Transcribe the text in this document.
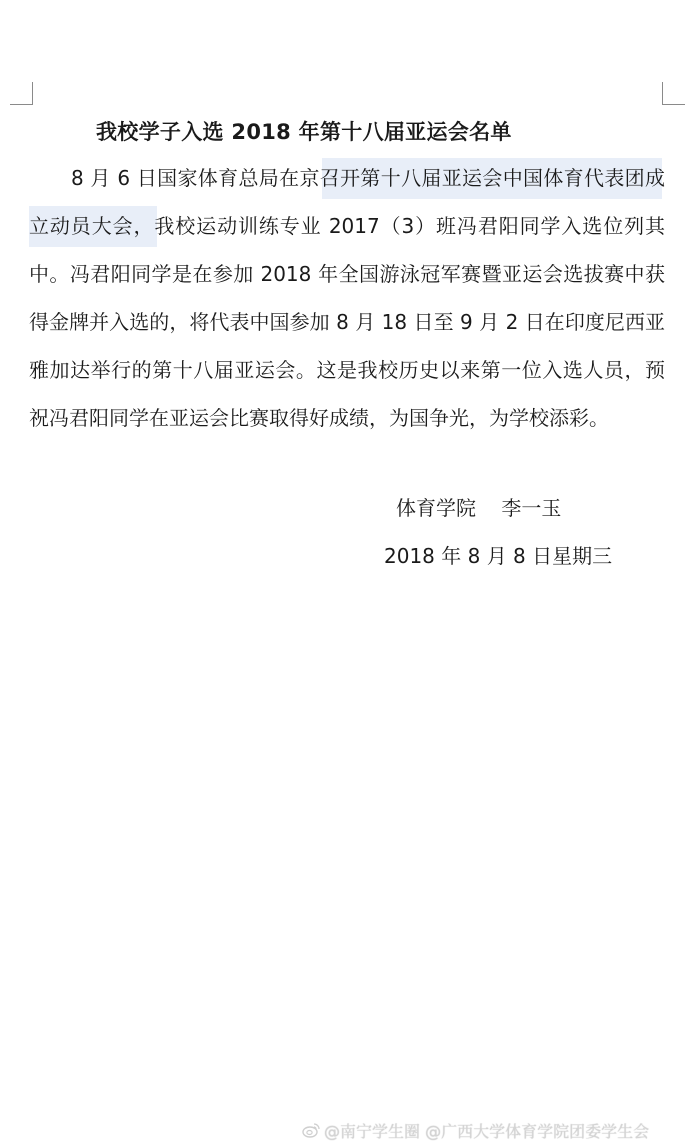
我校学子入选 2018 年第十八届亚运会名单
8 月 6 日国家体育总局在京召开第十八届亚运会中国体育代表团成立动员大会，我校运动训练专业 2017（3）班冯君阳同学入选位列其中。冯君阳同学是在参加 2018 年全国游泳冠军赛暨亚运会选拔赛中获得金牌并入选的，将代表中国参加 8 月 18 日至 9 月 2 日在印度尼西亚雅加达举行的第十八届亚运会。这是我校历史以来第一位入选人员，预祝冯君阳同学在亚运会比赛取得好成绩，为国争光，为学校添彩。
体育学院    李一玉
2018 年 8 月 8 日星期三
@南宁学生圈 @广西大学体育学院团委学生会
